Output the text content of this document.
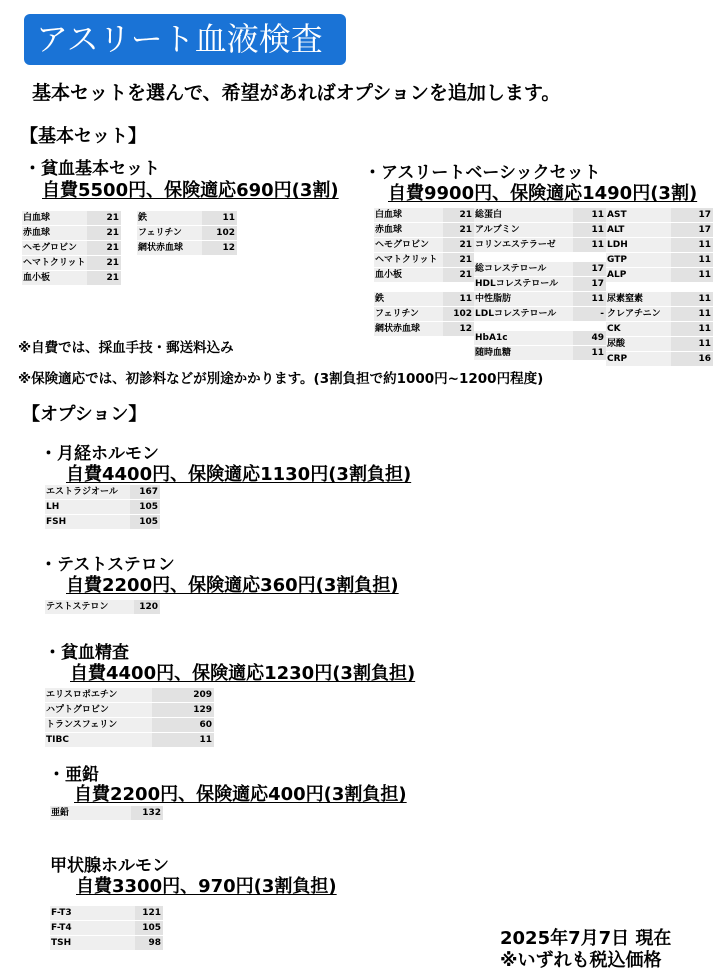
アスリート血液検査
基本セットを選んで、希望があればオプションを追加します。
【基本セット】
・貧血基本セット
自費5500円、保険適応690円(3割)
白血球	21
赤血球	21
ヘモグロビン	21
ヘマトクリット	21
血小板	21
鉄	11
フェリチン	102
網状赤血球	12
・アスリートベーシックセット
自費9900円、保険適応1490円(3割)
白血球	21
赤血球	21
ヘモグロビン	21
ヘマトクリット	21
血小板	21
鉄	11
フェリチン	102
網状赤血球	12
総蛋白	11
アルブミン	11
コリンエステラーゼ	11
総コレステロール	17
HDLコレステロール	17
中性脂肪	11
LDLコレステロール	-
HbA1c	49
随時血糖	11
AST	17
ALT	17
LDH	11
GTP	11
ALP	11
尿素窒素	11
クレアチニン	11
CK	11
尿酸	11
CRP	16
※自費では、採血手技・郵送料込み
※保険適応では、初診料などが別途かかります。(3割負担で約1000円~1200円程度)
【オプション】
・月経ホルモン
自費4400円、保険適応1130円(3割負担)
エストラジオール	167
LH	105
FSH	105
・テストステロン
自費2200円、保険適応360円(3割負担)
テストステロン	120
・貧血精査
自費4400円、保険適応1230円(3割負担)
エリスロポエチン	209
ハプトグロビン	129
トランスフェリン	60
TIBC	11
・亜鉛
自費2200円、保険適応400円(3割負担)
亜鉛	132
甲状腺ホルモン
自費3300円、970円(3割負担)
F-T3	121
F-T4	105
TSH	98	2025年7月7日 現在
※いずれも税込価格
